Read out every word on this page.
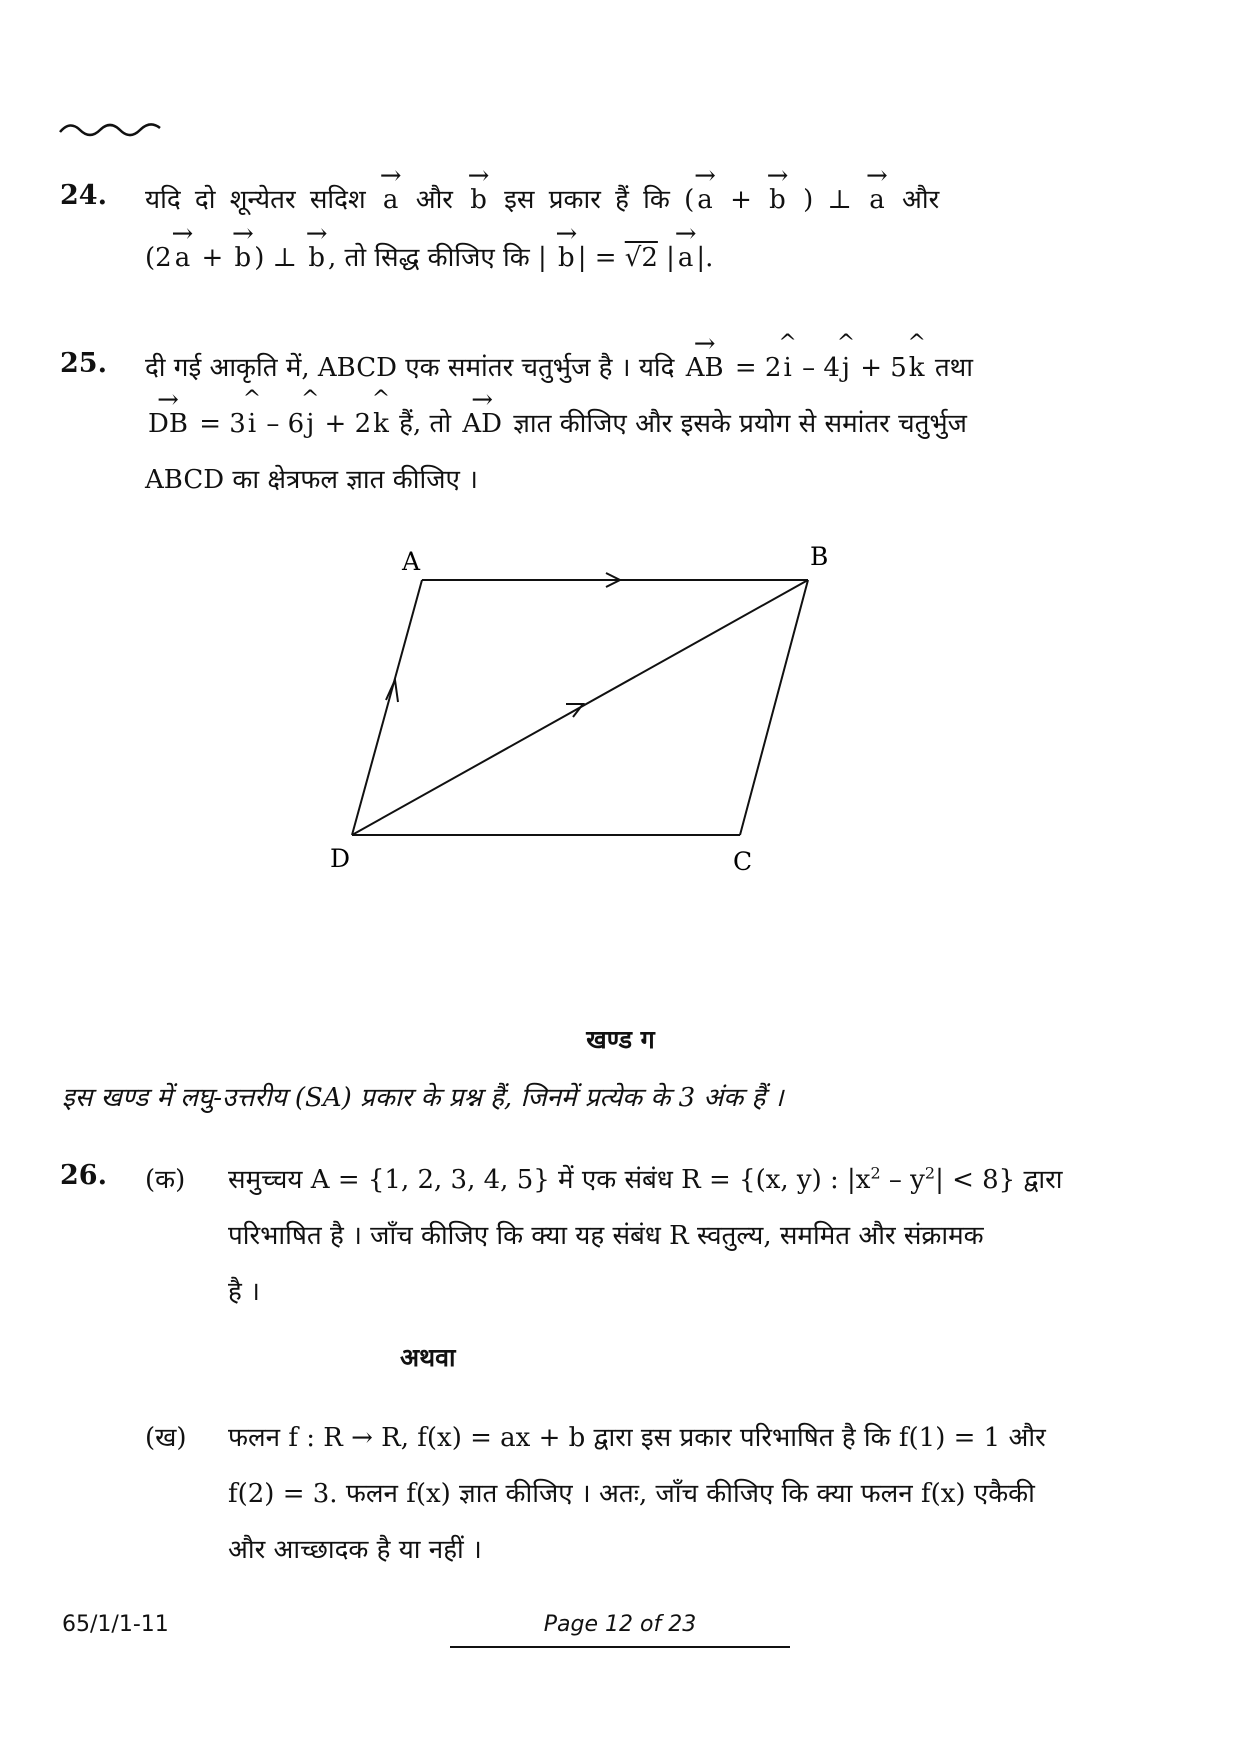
24. यदि दो शून्येतर सदिश → a और → b इस प्रकार हैं कि ( → a + → b ) ⊥ → a और
(2 → a + → b ) ⊥ → b , तो सिद्ध कीजिए कि | → b | = √2 | → a |.
25. दी गई आकृति में, ABCD एक समांतर चतुर्भुज है । यदि → AB = 2^ i – 4^ j + 5^ k तथा
→ DB = 3^ i – 6^ j + 2^ k हैं, तो → AD ज्ञात कीजिए और इसके प्रयोग से समांतर चतुर्भुज
ABCD का क्षेत्रफल ज्ञात कीजिए ।
A	B
C
D
खण्ड ग
इस खण्ड में लघु-उत्तरीय (SA) प्रकार के प्रश्न हैं, जिनमें प्रत्येक के 3 अंक हैं ।
26. (क) समुच्चय A = {1, 2, 3, 4, 5} में एक संबंध R = {(x, y) : $|x^2 - y^2| < 8$} द्वारा
परिभाषित है । जाँच कीजिए कि क्या यह संबंध R स्वतुल्य, सममित और संक्रामक
है ।
अथवा
(ख) फलन f : R → R, f(x) = ax + b द्वारा इस प्रकार परिभाषित है कि f(1) = 1 और
f(2) = 3. फलन f(x) ज्ञात कीजिए । अतः, जाँच कीजिए कि क्या फलन f(x) एकैकी
और आच्छादक है या नहीं ।
65/1/1-11	Page 12 of 23
